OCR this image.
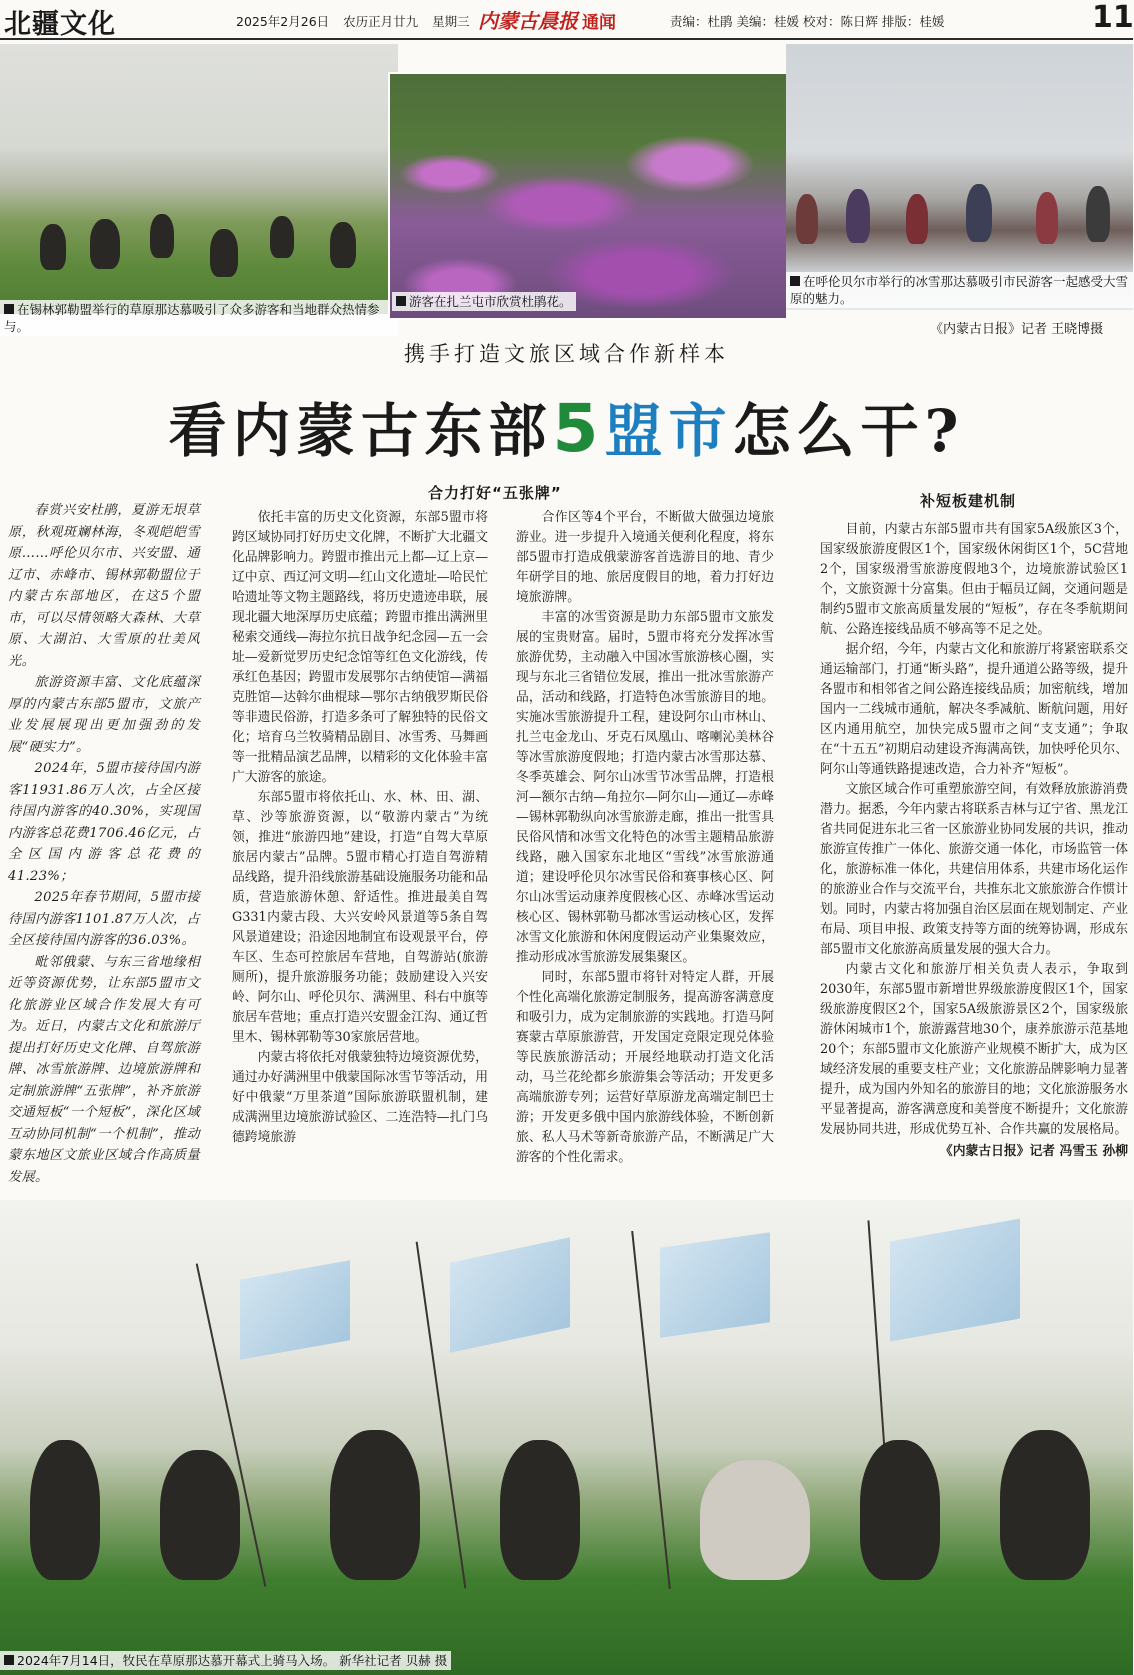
北疆文化	2025年2月26日 农历正月廿九 星期三 内蒙古晨报 通闻	责编：杜鹃 美编：桂媛 校对：陈日辉 排版：桂媛	11
在锡林郭勒盟举行的草原那达慕吸引了众多游客和当地群众热情参与。
游客在扎兰屯市欣赏杜鹃花。
在呼伦贝尔市举行的冰雪那达慕吸引市民游客一起感受大雪原的魅力。
《内蒙古日报》记者 王晓博摄
携手打造文旅区域合作新样本
看内蒙古东部5盟市怎么干?
合力打好“五张牌”	补短板建机制

春赏兴安杜鹃，夏游无垠草原，秋观斑斓林海，冬观皑皑雪原……呼伦贝尔市、兴安盟、通辽市、赤峰市、锡林郭勒盟位于内蒙古东部地区，在这5个盟市，可以尽情领略大森林、大草原、大湖泊、大雪原的壮美风光。

旅游资源丰富、文化底蕴深厚的内蒙古东部5盟市，文旅产业发展展现出更加强劲的发展“硬实力”。

2024年，5盟市接待国内游客11931.86万人次，占全区接待国内游客的40.30%，实现国内游客总花费1706.46亿元，占全区国内游客总花费的41.23%；

2025年春节期间，5盟市接待国内游客1101.87万人次，占全区接待国内游客的36.03%。

毗邻俄蒙、与东三省地缘相近等资源优势，让东部5盟市文化旅游业区域合作发展大有可为。近日，内蒙古文化和旅游厅提出打好历史文化牌、自驾旅游牌、冰雪旅游牌、边境旅游牌和定制旅游牌“五张牌”，补齐旅游交通短板“一个短板”，深化区域互动协同机制“一个机制”，推动蒙东地区文旅业区域合作高质量发展。

依托丰富的历史文化资源，东部5盟市将跨区域协同打好历史文化牌，不断扩大北疆文化品牌影响力。跨盟市推出元上都—辽上京—辽中京、西辽河文明—红山文化遗址—哈民忙哈遗址等文物主题路线，将历史遗迹串联，展现北疆大地深厚历史底蕴；跨盟市推出满洲里秘索交通线—海拉尔抗日战争纪念园—五一会址—爱新觉罗历史纪念馆等红色文化游线，传承红色基因；跨盟市发展鄂尔古纳使馆—满福克胜馆—达斡尔曲棍球—鄂尔古纳俄罗斯民俗等非遗民俗游，打造多条可了解独特的民俗文化；培育乌兰牧骑精品剧目、冰雪秀、马舞画等一批精品演艺品牌，以精彩的文化体验丰富广大游客的旅途。

东部5盟市将依托山、水、林、田、湖、草、沙等旅游资源，以“敬游内蒙古”为统领，推进“旅游四地”建设，打造“自驾大草原 旅居内蒙古”品牌。5盟市精心打造自驾游精品线路，提升沿线旅游基础设施服务功能和品质，营造旅游休憩、舒适性。推进最美自驾G331内蒙古段、大兴安岭风景道等5条自驾风景道建设；沿途因地制宜布设观景平台，停车区、生态可控旅居车营地，自驾游站(旅游厕所)，提升旅游服务功能；鼓励建设入兴安岭、阿尔山、呼伦贝尔、满洲里、科右中旗等旅居车营地；重点打造兴安盟金江沟、通辽哲里木、锡林郭勒等30家旅居营地。

内蒙古将依托对俄蒙独特边境资源优势，通过办好满洲里中俄蒙国际冰雪节等活动，用好中俄蒙“万里茶道”国际旅游联盟机制，建成满洲里边境旅游试验区、二连浩特—扎门乌德跨境旅游

合作区等4个平台，不断做大做强边境旅游业。进一步提升入境通关便利化程度，将东部5盟市打造成俄蒙游客首选游目的地、青少年研学目的地、旅居度假目的地，着力打好边境旅游牌。

丰富的冰雪资源是助力东部5盟市文旅发展的宝贵财富。届时，5盟市将充分发挥冰雪旅游优势，主动融入中国冰雪旅游核心圈，实现与东北三省错位发展，推出一批冰雪旅游产品，活动和线路，打造特色冰雪旅游目的地。实施冰雪旅游提升工程，建设阿尔山市林山、扎兰屯金龙山、牙克石凤凰山、喀喇沁美林谷等冰雪旅游度假地；打造内蒙古冰雪那达慕、冬季英雄会、阿尔山冰雪节冰雪品牌，打造根河—额尔古纳—角拉尔—阿尔山—通辽—赤峰—锡林郭勒纵向冰雪旅游走廊，推出一批雪具民俗风情和冰雪文化特色的冰雪主题精品旅游线路，融入国家东北地区“雪线”冰雪旅游通道；建设呼伦贝尔冰雪民俗和赛事核心区、阿尔山冰雪运动康养度假核心区、赤峰冰雪运动核心区、锡林郭勒马都冰雪运动核心区，发挥冰雪文化旅游和休闲度假运动产业集聚效应，推动形成冰雪旅游发展集聚区。

同时，东部5盟市将针对特定人群，开展个性化高端化旅游定制服务，提高游客满意度和吸引力，成为定制旅游的实践地。打造马阿赛蒙古草原旅游营，开发国定竞限定现兑体验等民族旅游活动；开展经地联动打造文化活动，马兰花纶都乡旅游集会等活动；开发更多高端旅游专列；运营好草原游龙高端定制巴士游；开发更多俄中国内旅游线体验，不断创新旅、私人马术等新奇旅游产品，不断满足广大游客的个性化需求。

目前，内蒙古东部5盟市共有国家5A级旅区3个，国家级旅游度假区1个，国家级休闲街区1个，5C营地2个，国家级滑雪旅游度假地3个，边境旅游试验区1个，文旅资源十分富集。但由于幅员辽阔，交通问题是制约5盟市文旅高质量发展的“短板”，存在冬季航期间航、公路连接线品质不够高等不足之处。

据介绍，今年，内蒙古文化和旅游厅将紧密联系交通运输部门，打通“断头路”，提升通道公路等级，提升各盟市和相邻省之间公路连接线品质；加密航线，增加国内一二线城市通航，解决冬季减航、断航问题，用好区内通用航空，加快完成5盟市之间“支支通”；争取在“十五五”初期启动建设齐海满高铁，加快呼伦贝尔、阿尔山等通铁路提速改造，合力补齐“短板”。

文旅区域合作可重塑旅游空间，有效释放旅游消费潜力。据悉，今年内蒙古将联系吉林与辽宁省、黑龙江省共同促进东北三省一区旅游业协同发展的共识，推动旅游宣传推广一体化、旅游交通一体化，市场监管一体化，旅游标准一体化，共建信用体系，共建市场化运作的旅游业合作与交流平台，共推东北文旅旅游合作惯计划。同时，内蒙古将加强自治区层面在规划制定、产业布局、项目申报、政策支持等方面的统筹协调，形成东部5盟市文化旅游高质量发展的强大合力。

内蒙古文化和旅游厅相关负责人表示，争取到2030年，东部5盟市新增世界级旅游度假区1个，国家级旅游度假区2个，国家5A级旅游景区2个，国家级旅游休闲城市1个，旅游露营地30个，康养旅游示范基地20个；东部5盟市文化旅游产业规模不断扩大，成为区域经济发展的重要支柱产业；文化旅游品牌影响力显著提升，成为国内外知名的旅游目的地；文化旅游服务水平显著提高，游客满意度和美誉度不断提升；文化旅游发展协同共进，形成优势互补、合作共赢的发展格局。

《内蒙古日报》记者 冯雪玉 孙柳

2024年7月14日，牧民在草原那达慕开幕式上骑马入场。 新华社记者 贝赫 摄
